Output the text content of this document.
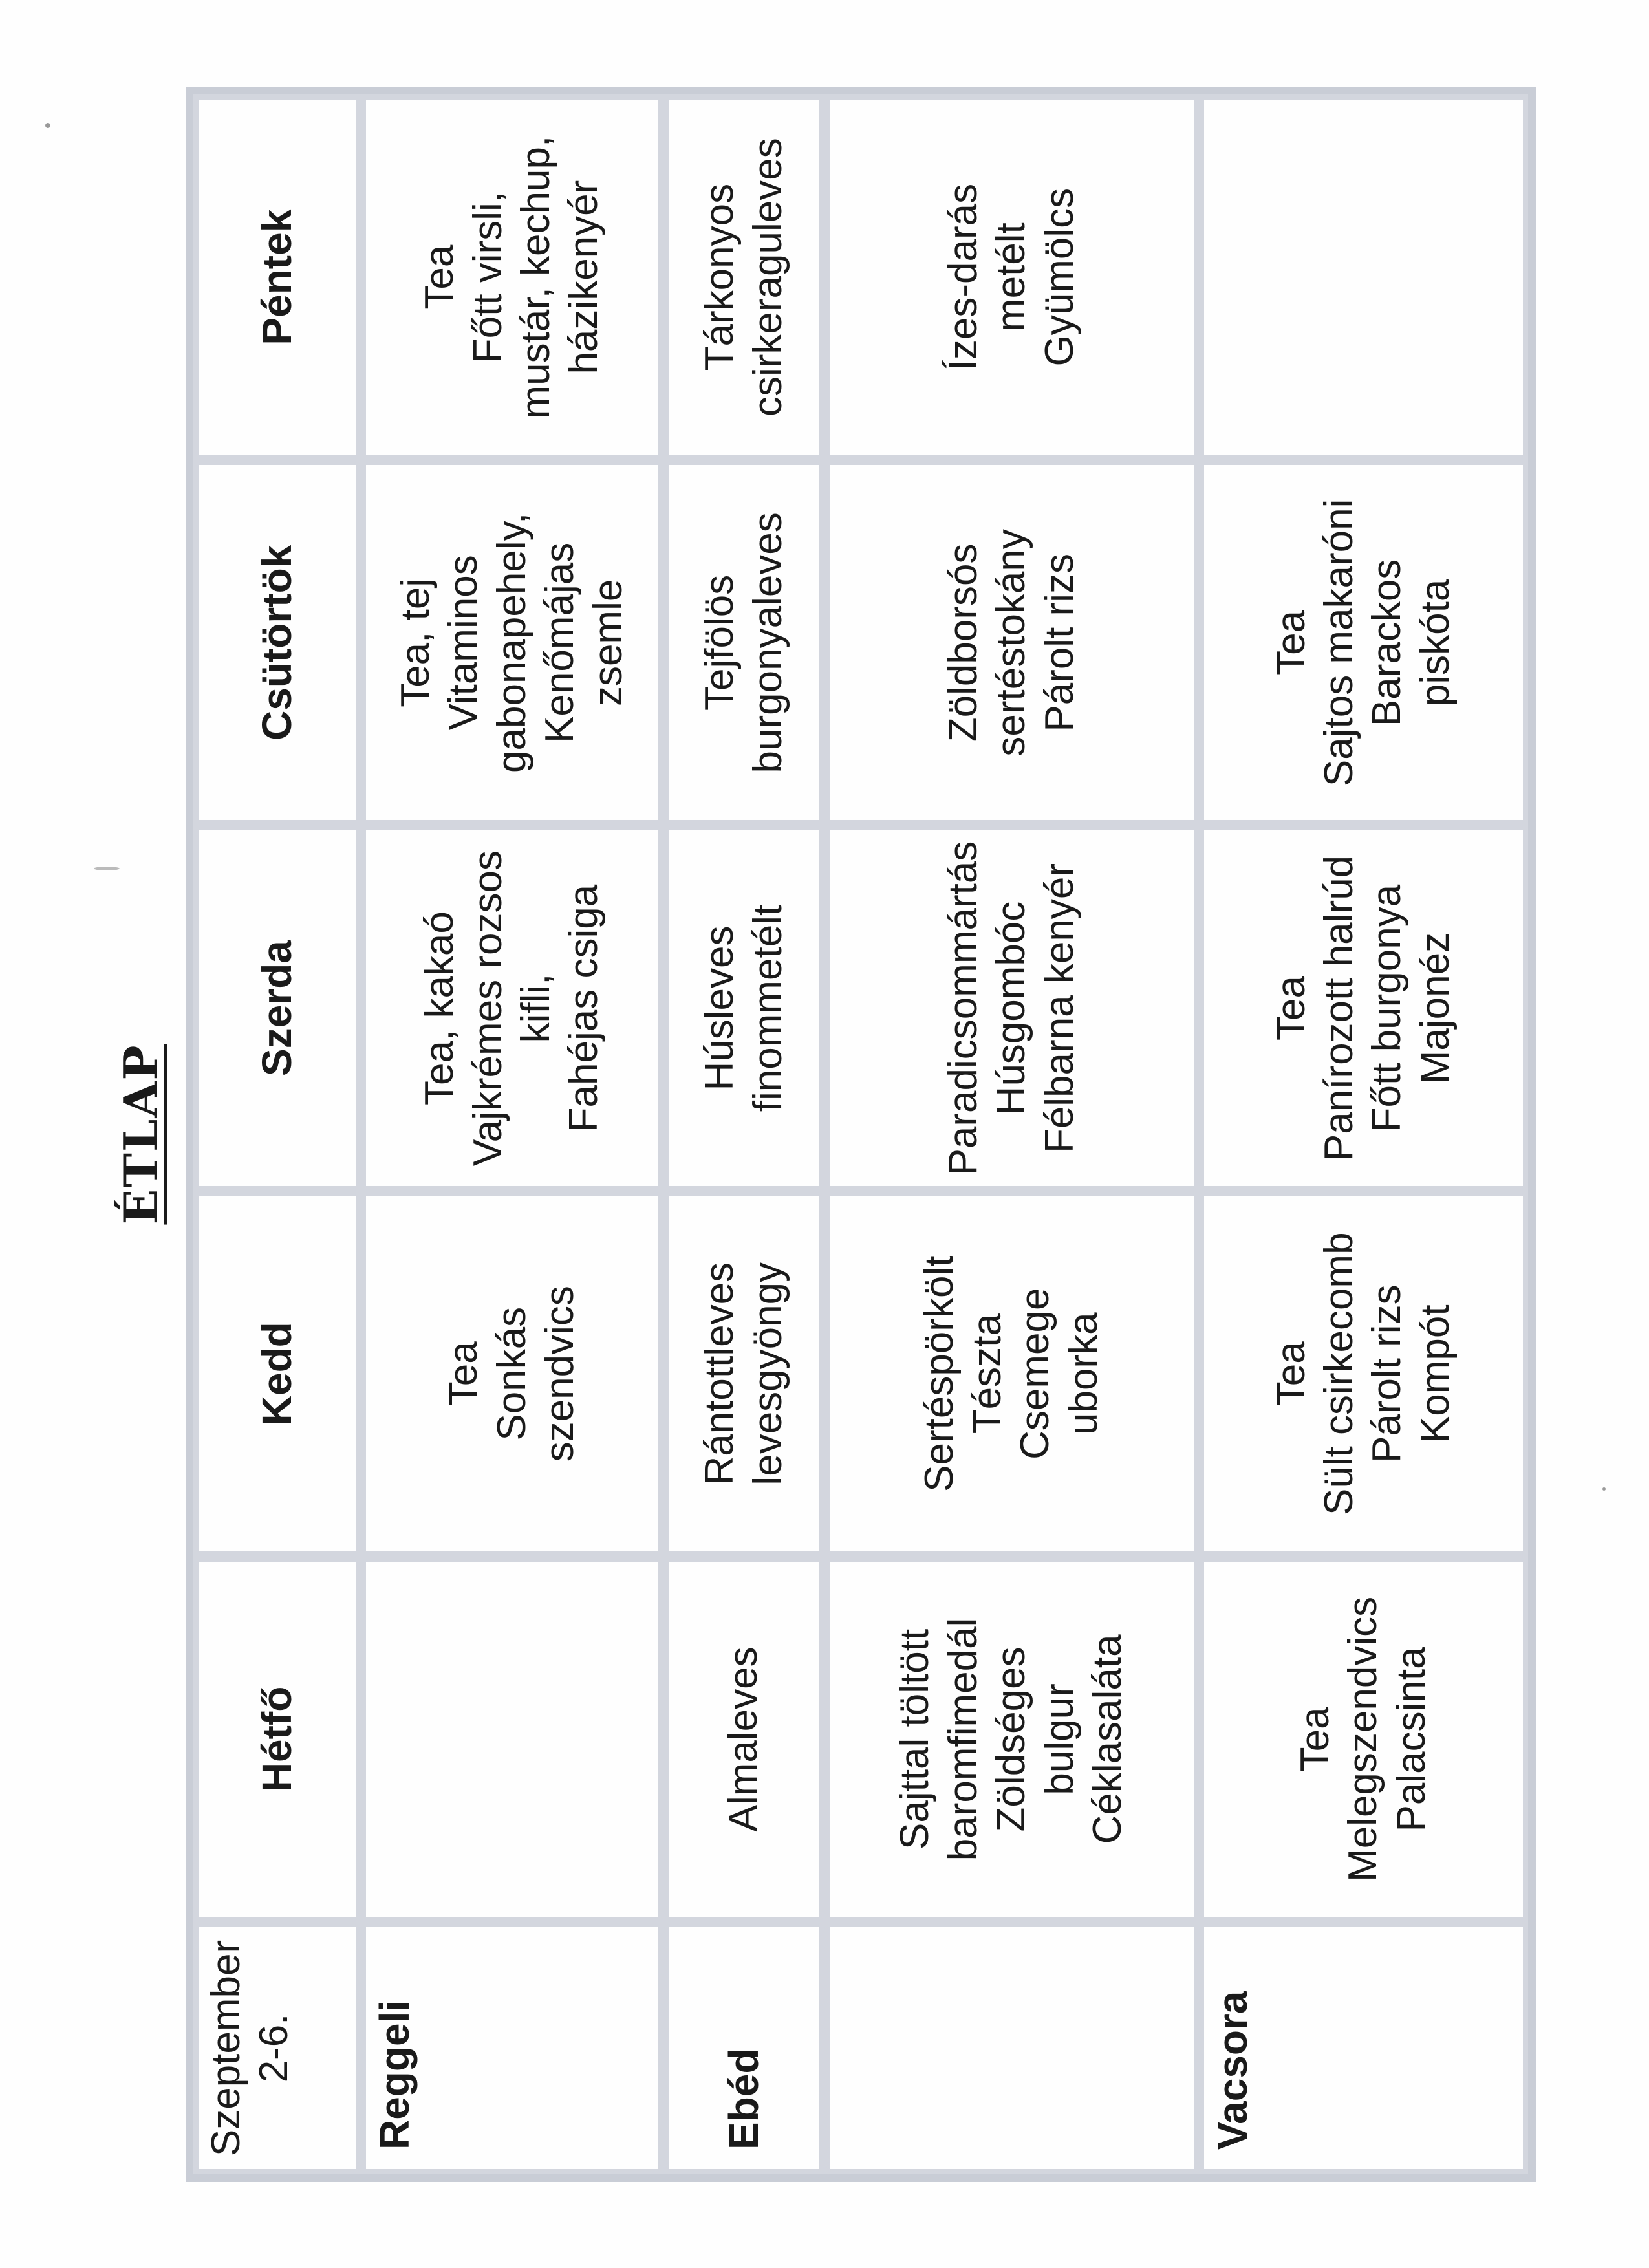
ÉTLAP
Szeptember 2-6.	Hétfő	Kedd	Szerda	Csütörtök	Péntek
Reggeli		Tea Sonkás szendvics	Tea, kakaó Vajkrémes rozsos kifli, Fahéjas csiga	Tea, tej Vitaminos gabonapehely, Kenőmájas zsemle	Tea Főtt virsli, mustár, kechup, házikenyér

Ebéd	Almaleves	Rántottleves levesgyöngy	Húsleves finommetélt	Tejfölös burgonyaleves	Tárkonyos csirkeraguleves

	Sajttal töltött baromfimedál Zöldséges bulgur Céklasaláta	Sertéspörkölt Tészta Csemege uborka	Paradicsommártás Húsgombóc Félbarna kenyér	Zöldborsós sertéstokány Párolt rizs	Ízes-darás metélt Gyümölcs

Vacsora	Tea Melegszendvics Palacsinta	Tea Sült csirkecomb Párolt rizs Kompót	Tea Panírozott halrúd Főtt burgonya Majonéz	Tea Sajtos makaróni Barackos piskóta	
